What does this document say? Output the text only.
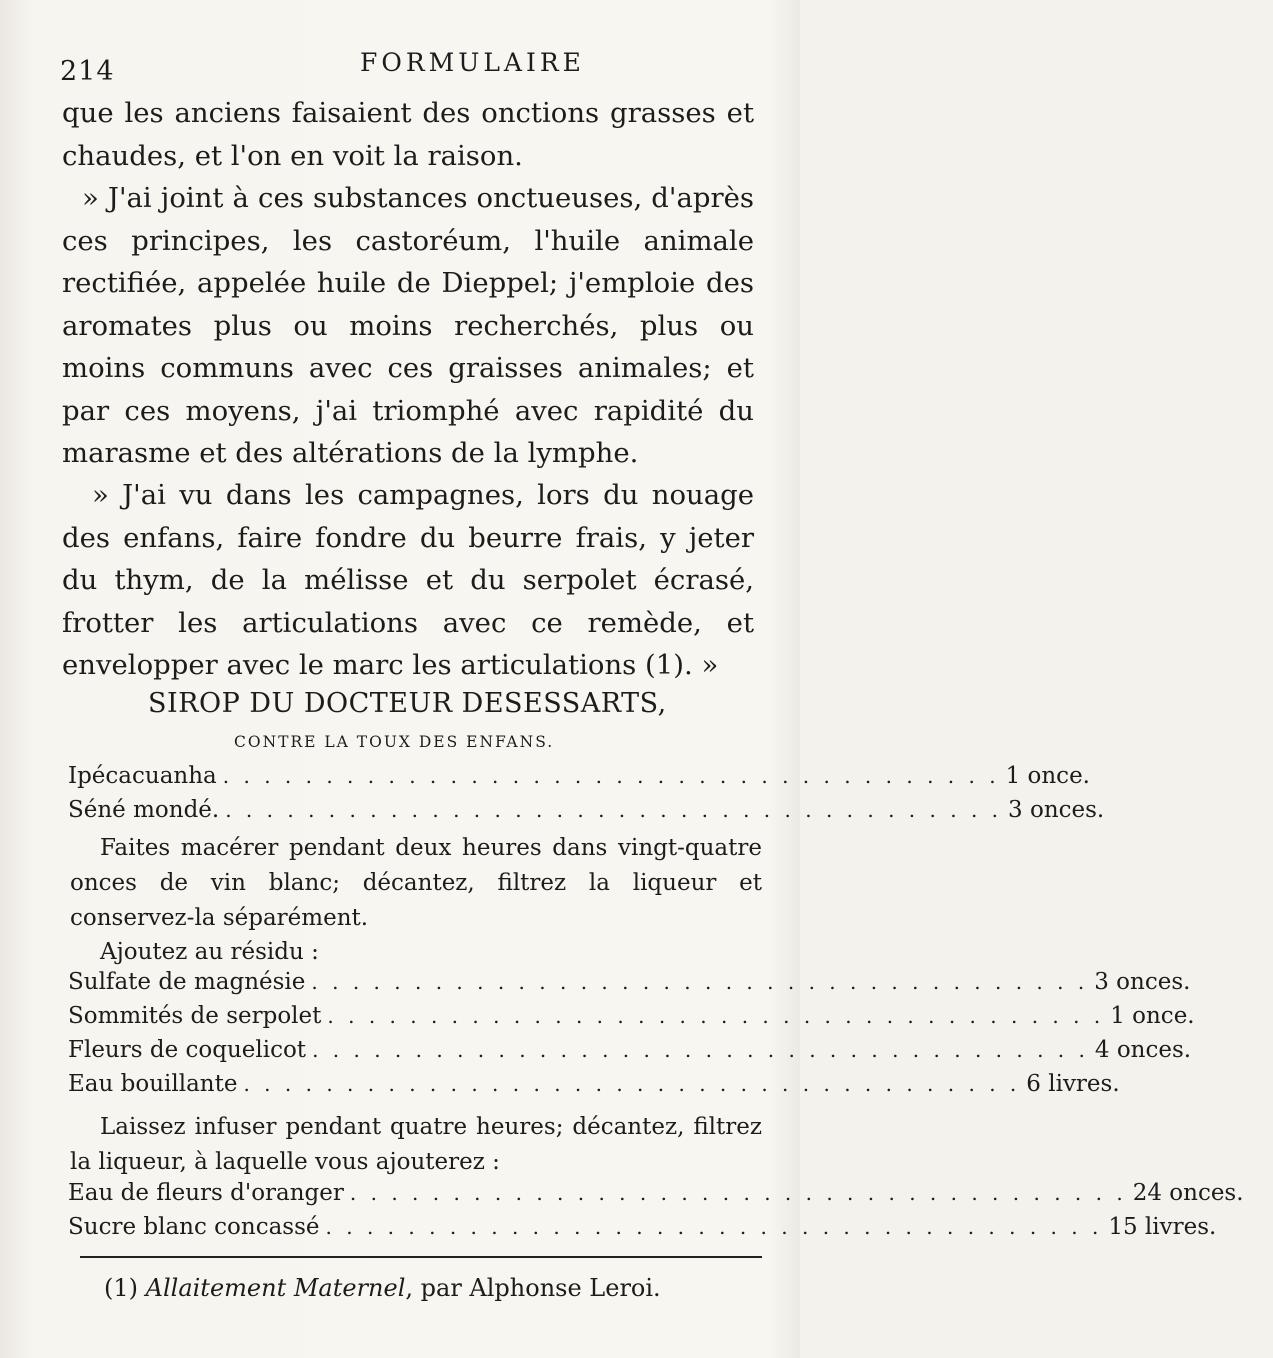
214	FORMULAIRE

que les anciens faisaient des onctions grasses et chaudes, et l'on en voit la raison.

» J'ai joint à ces substances onctueuses, d'après ces principes, les castoréum, l'huile animale rectifiée, appelée huile de Dieppel; j'emploie des aromates plus ou moins recherchés, plus ou moins communs avec ces graisses animales; et par ces moyens, j'ai triomphé avec rapidité du marasme et des altérations de la lymphe.

» J'ai vu dans les campagnes, lors du nouage des enfans, faire fondre du beurre frais, y jeter du thym, de la mélisse et du serpolet écrasé, frotter les articulations avec ce remède, et envelopper avec le marc les articulations (1). »

SIROP DU DOCTEUR DESESSARTS,
CONTRE LA TOUX DES ENFANS.
Ipécacuanha . . . . . . . . . . . . . . . . . . . . . . . . . . . . . . . . . . . . . . 1 once.
Séné mondé. . . . . . . . . . . . . . . . . . . . . . . . . . . . . . . . . . . . . . . 3 onces.

Faites macérer pendant deux heures dans vingt-quatre onces de vin blanc; décantez, filtrez la liqueur et conservez-la séparément.

Ajoutez au résidu :

Sulfate de magnésie . . . . . . . . . . . . . . . . . . . . . . . . . . . . . . . . . . . . . . 3 onces.
Sommités de serpolet . . . . . . . . . . . . . . . . . . . . . . . . . . . . . . . . . . . . . . 1 once.
Fleurs de coquelicot . . . . . . . . . . . . . . . . . . . . . . . . . . . . . . . . . . . . . . 4 onces.
Eau bouillante . . . . . . . . . . . . . . . . . . . . . . . . . . . . . . . . . . . . . . 6 livres.

Laissez infuser pendant quatre heures; décantez, filtrez la liqueur, à laquelle vous ajouterez :

Eau de fleurs d'oranger . . . . . . . . . . . . . . . . . . . . . . . . . . . . . . . . . . . . . . 24 onces.
Sucre blanc concassé . . . . . . . . . . . . . . . . . . . . . . . . . . . . . . . . . . . . . . 15 livres.
(1) Allaitement Maternel, par Alphonse Leroi.
